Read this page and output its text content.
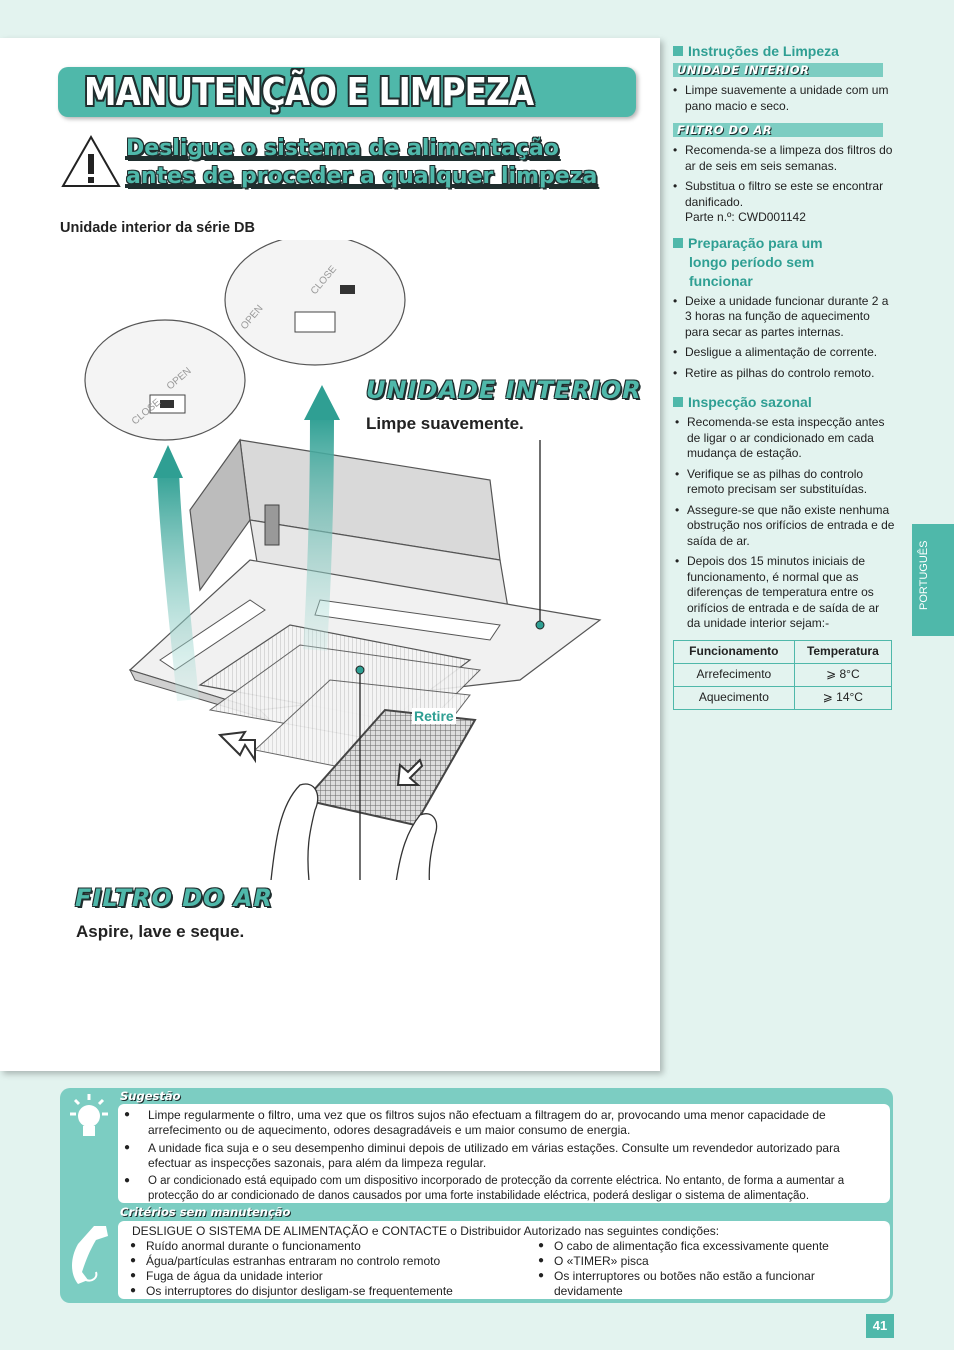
MANUTENÇÃO E LIMPEZA
Desligue o sistema de alimentação
antes de proceder a qualquer limpeza
Unidade interior da série DB
CLOSE
OPEN
OPEN
CLOSE
UNIDADE INTERIOR
Limpe suavemente.
Retire
FILTRO DO AR
Aspire, lave e seque.
Instruções de Limpeza
UNIDADE INTERIOR
• Limpe suavemente a unidade com um pano macio e seco.
FILTRO DO AR
• Recomenda-se a limpeza dos filtros do ar de seis em seis semanas.
• Substitua o filtro se este se encontrar danificado.
Parte n.º: CWD001142
Preparação para um
longo período sem
funcionar
• Deixe a unidade funcionar durante 2 a 3 horas na função de aquecimento para secar as partes internas.
• Desligue a alimentação de corrente.
• Retire as pilhas do controlo remoto.
Inspecção sazonal
• Recomenda-se esta inspecção antes de ligar o ar condicionado em cada mudança de estação.
• Verifique se as pilhas do controlo remoto precisam ser substituídas.
• Assegure-se que não existe nenhuma obstrução nos orifícios de entrada e de saída de ar.
• Depois dos 15 minutos iniciais de funcionamento, é normal que as diferenças de temperatura entre os orifícios de entrada e de saída de ar da unidade interior sejam:-
Funcionamento	Temperatura
Arrefecimento	⩾ 8°C
Aquecimento	⩾ 14°C
PORTUGUÊS
Sugestão
● Limpe regularmente o filtro, uma vez que os filtros sujos não efectuam a filtragem do ar, provocando uma menor capacidade de arrefecimento ou de aquecimento, odores desagradáveis e um maior consumo de energia.
● A unidade fica suja e o seu desempenho diminui depois de utilizado em várias estações. Consulte um revendedor autorizado para efectuar as inspecções sazonais, para além da limpeza regular.
● O ar condicionado está equipado com um dispositivo incorporado de protecção da corrente eléctrica. No entanto, de forma a aumentar a protecção do ar condicionado de danos causados por uma forte instabilidade eléctrica, poderá desligar o sistema de alimentação.
Critérios sem manutenção
DESLIGUE O SISTEMA DE ALIMENTAÇÃO e CONTACTE o Distribuidor Autorizado nas seguintes condições:
● Ruído anormal durante o funcionamento
● Água/partículas estranhas entraram no controlo remoto
● Fuga de água da unidade interior
● Os interruptores do disjuntor desligam-se frequentemente
● O cabo de alimentação fica excessivamente quente
● O «TIMER» pisca
● Os interruptores ou botões não estão a funcionar devidamente
41
